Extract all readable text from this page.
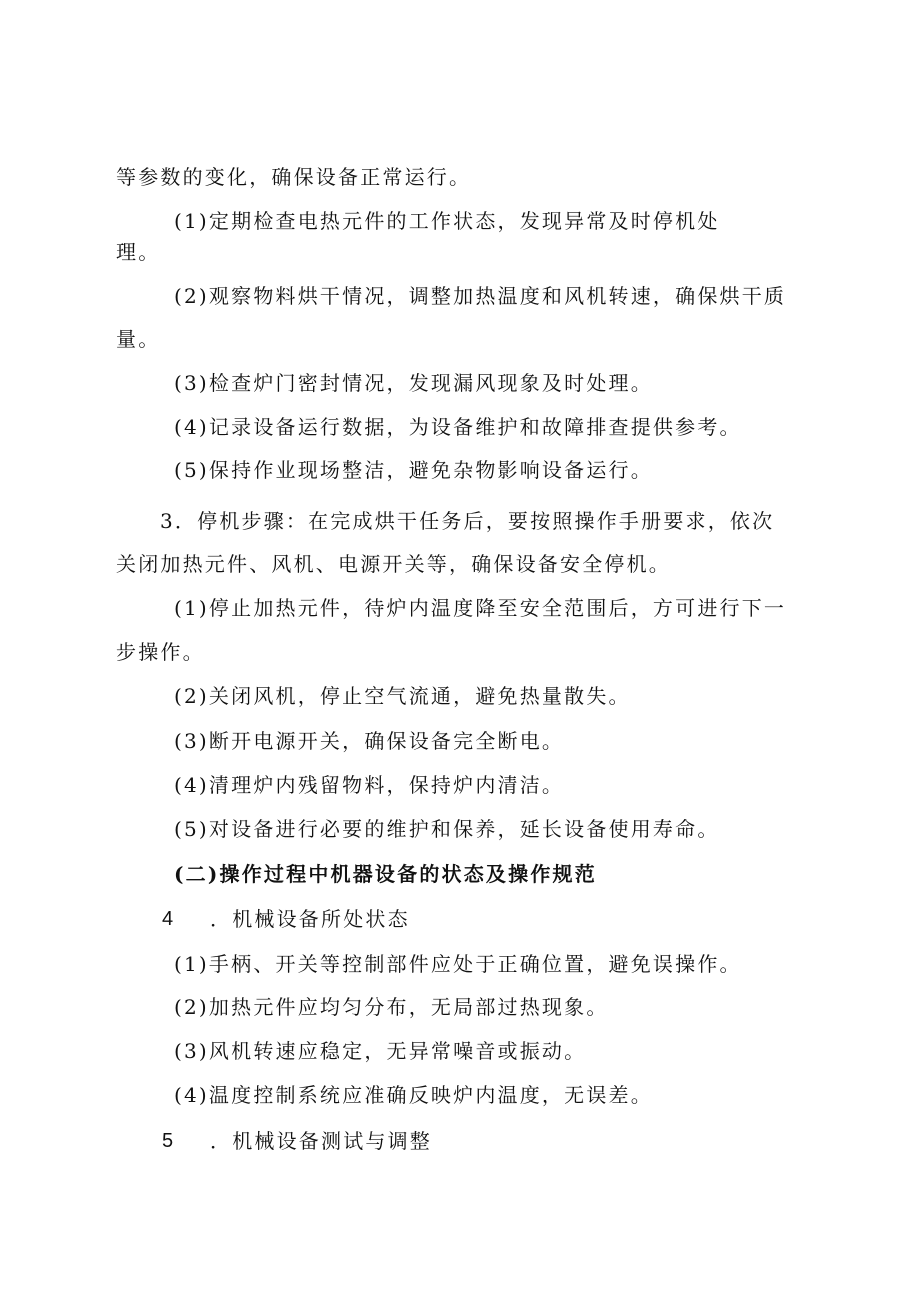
等参数的变化，确保设备正常运行。
(1)定期检查电热元件的工作状态，发现异常及时停机处
理。
(2)观察物料烘干情况，调整加热温度和风机转速，确保烘干质
量。
(3)检查炉门密封情况，发现漏风现象及时处理。
(4)记录设备运行数据，为设备维护和故障排查提供参考。
(5)保持作业现场整洁，避免杂物影响设备运行。
3．停机步骤：在完成烘干任务后，要按照操作手册要求，依次
关闭加热元件、风机、电源开关等，确保设备安全停机。
(1)停止加热元件，待炉内温度降至安全范围后，方可进行下一
步操作。
(2)关闭风机，停止空气流通，避免热量散失。
(3)断开电源开关，确保设备完全断电。
(4)清理炉内残留物料，保持炉内清洁。
(5)对设备进行必要的维护和保养，延长设备使用寿命。
(二)操作过程中机器设备的状态及操作规范
4 ．机械设备所处状态
(1)手柄、开关等控制部件应处于正确位置，避免误操作。
(2)加热元件应均匀分布，无局部过热现象。
(3)风机转速应稳定，无异常噪音或振动。
(4)温度控制系统应准确反映炉内温度，无误差。
5 ．机械设备测试与调整
